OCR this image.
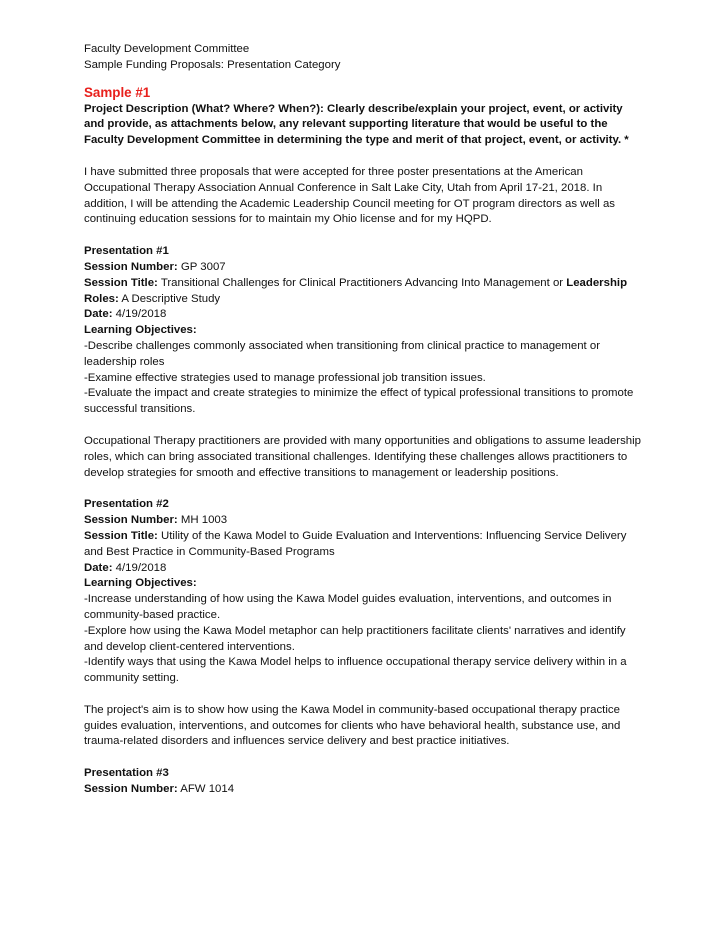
Faculty Development Committee
Sample Funding Proposals: Presentation Category
Sample #1

Project Description (What? Where? When?): Clearly describe/explain your project, event, or activity and provide, as attachments below, any relevant supporting literature that would be useful to the Faculty Development Committee in determining the type and merit of that project, event, or activity. *

I have submitted three proposals that were accepted for three poster presentations at the American Occupational Therapy Association Annual Conference in Salt Lake City, Utah from April 17-21, 2018. In addition, I will be attending the Academic Leadership Council meeting for OT program directors as well as continuing education sessions for to maintain my Ohio license and for my HQPD.

Presentation #1

Session Number: GP 3007

Session Title: Transitional Challenges for Clinical Practitioners Advancing Into Management or Leadership Roles: A Descriptive Study

Date: 4/19/2018

Learning Objectives:

-Describe challenges commonly associated when transitioning from clinical practice to management or leadership roles
-Examine effective strategies used to manage professional job transition issues.
-Evaluate the impact and create strategies to minimize the effect of typical professional transitions to promote successful transitions.

Occupational Therapy practitioners are provided with many opportunities and obligations to assume leadership roles, which can bring associated transitional challenges. Identifying these challenges allows practitioners to develop strategies for smooth and effective transitions to management or leadership positions.

Presentation #2

Session Number: MH 1003

Session Title: Utility of the Kawa Model to Guide Evaluation and Interventions: Influencing Service Delivery and Best Practice in Community-Based Programs

Date: 4/19/2018

Learning Objectives:

-Increase understanding of how using the Kawa Model guides evaluation, interventions, and outcomes in community-based practice.
-Explore how using the Kawa Model metaphor can help practitioners facilitate clients' narratives and identify and develop client-centered interventions.
-Identify ways that using the Kawa Model helps to influence occupational therapy service delivery within in a community setting.

The project's aim is to show how using the Kawa Model in community-based occupational therapy practice guides evaluation, interventions, and outcomes for clients who have behavioral health, substance use, and trauma-related disorders and influences service delivery and best practice initiatives.

Presentation #3

Session Number: AFW 1014
